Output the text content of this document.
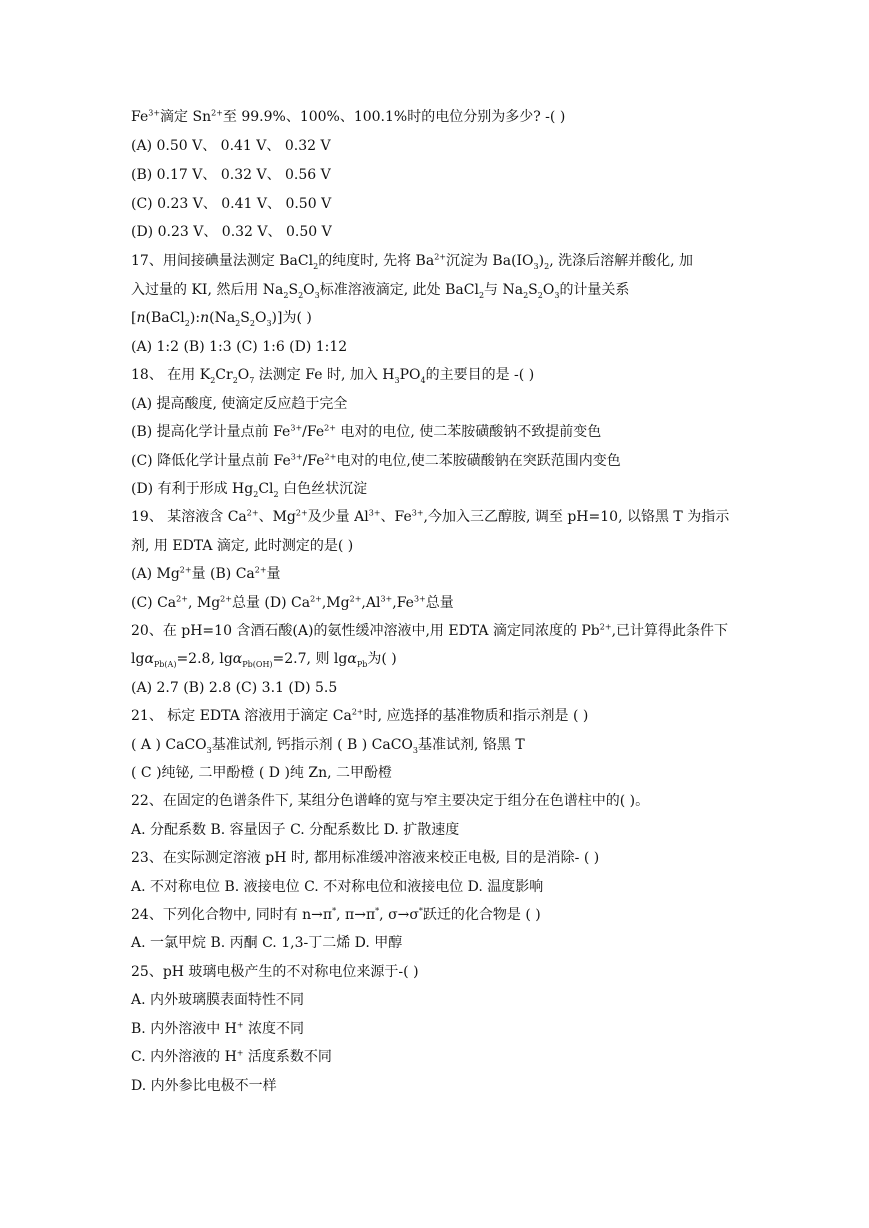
$Fe^{3+}$滴定 $Sn^{2+}$至 99.9%、100%、100.1%时的电位分别为多少? -( )
(A) 0.50 V、 0.41 V、 0.32 V
(B) 0.17 V、 0.32 V、 0.56 V
(C) 0.23 V、 0.41 V、 0.50 V
(D) 0.23 V、 0.32 V、 0.50 V
17、用间接碘量法测定 BaCl$_2$的纯度时, 先将 $Ba^{2+}$沉淀为 $Ba(IO_3)_2$, 洗涤后溶解并酸化, 加
入过量的 KI, 然后用 $Na_2S_2O_3$标准溶液滴定, 此处 BaCl$_2$与 $Na_2S_2O_3$的计量关系
$[n(BaCl_2):n(Na_2S_2O_3)]$为( )
(A) 1:2 (B) 1:3 (C) 1:6 (D) 1:12
18、 在用 $K_2Cr_2O_7$ 法测定 Fe 时, 加入 $H_3PO_4$的主要目的是 -( )
(A) 提高酸度, 使滴定反应趋于完全
(B) 提高化学计量点前 $Fe^{3+}/Fe^{2+}$ 电对的电位, 使二苯胺磺酸钠不致提前变色
(C) 降低化学计量点前 $Fe^{3+}/Fe^{2+}$电对的电位,使二苯胺磺酸钠在突跃范围内变色
(D) 有利于形成 $Hg_2Cl_2$ 白色丝状沉淀
19、 某溶液含 $Ca^{2+}$、$Mg^{2+}$及少量 $Al^{3+}$、$Fe^{3+}$,今加入三乙醇胺, 调至 pH=10, 以铬黑 T 为指示
剂, 用 EDTA 滴定, 此时测定的是( )
(A) $Mg^{2+}$量 (B) $Ca^{2+}$量
(C) $Ca^{2+}$, $Mg^{2+}$总量 (D) $Ca^{2+},Mg^{2+},Al^{3+},Fe^{3+}$总量
20、在 pH=10 含酒石酸(A)的氨性缓冲溶液中,用 EDTA 滴定同浓度的 $Pb^{2+}$,已计算得此条件下
lgα$_{Pb(A)}$=2.8, lgα$_{Pb(OH)}$=2.7, 则 lgα$_{Pb}$为( )
(A) 2.7 (B) 2.8 (C) 3.1 (D) 5.5
21、 标定 EDTA 溶液用于滴定 $Ca^{2+}$时, 应选择的基准物质和指示剂是 ( )
( A ) CaCO$_3$基准试剂, 钙指示剂 ( B ) CaCO$_3$基准试剂, 铬黑 T
( C )纯铋, 二甲酚橙 ( D )纯 Zn, 二甲酚橙
22、在固定的色谱条件下, 某组分色谱峰的宽与窄主要决定于组分在色谱柱中的( )。
A. 分配系数 B. 容量因子 C. 分配系数比 D. 扩散速度
23、在实际测定溶液 pH 时, 都用标准缓冲溶液来校正电极, 目的是消除- ( )
A. 不对称电位 B. 液接电位 C. 不对称电位和液接电位 D. 温度影响
24、下列化合物中, 同时有 n→π*, π→π*, σ→σ*跃迁的化合物是 ( )
A. 一氯甲烷 B. 丙酮 C. 1,3-丁二烯 D. 甲醇
25、pH 玻璃电极产生的不对称电位来源于-( )
A. 内外玻璃膜表面特性不同
B. 内外溶液中 H+ 浓度不同
C. 内外溶液的 H+ 活度系数不同
D. 内外参比电极不一样
